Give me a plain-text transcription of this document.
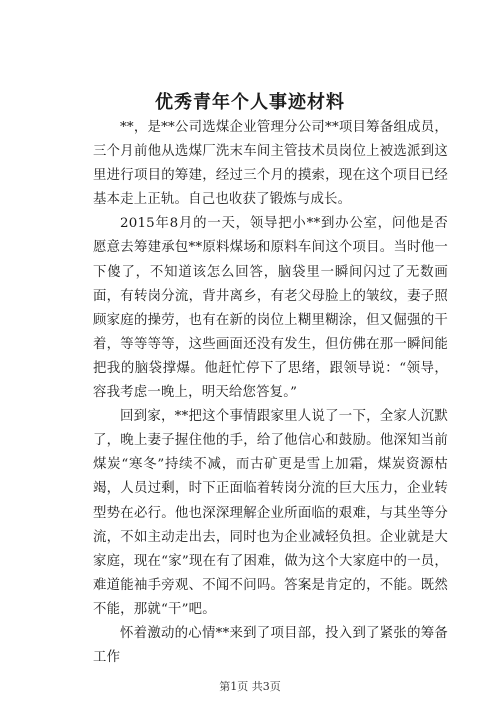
优秀青年个人事迹材料

**，是**公司选煤企业管理分公司**项目筹备组成员，三个月前他从选煤厂洗末车间主管技术员岗位上被选派到这里进行项目的筹建，经过三个月的摸索，现在这个项目已经基本走上正轨。自己也收获了锻炼与成长。

2015年8月的一天，领导把小**到办公室，问他是否愿意去筹建承包**原料煤场和原料车间这个项目。当时他一下傻了，不知道该怎么回答，脑袋里一瞬间闪过了无数画面，有转岗分流，背井离乡，有老父母脸上的皱纹，妻子照顾家庭的操劳，也有在新的岗位上糊里糊涂，但又倔强的干着，等等等等，这些画面还没有发生，但仿佛在那一瞬间能把我的脑袋撑爆。他赶忙停下了思绪，跟领导说：“领导，容我考虑一晚上，明天给您答复。”

回到家，**把这个事情跟家里人说了一下，全家人沉默了，晚上妻子握住他的手，给了他信心和鼓励。他深知当前煤炭“寒冬”持续不减，而古矿更是雪上加霜，煤炭资源枯竭，人员过剩，时下正面临着转岗分流的巨大压力，企业转型势在必行。他也深深理解企业所面临的艰难，与其坐等分流，不如主动走出去，同时也为企业减轻负担。企业就是大家庭，现在“家”现在有了困难，做为这个大家庭中的一员，难道能袖手旁观、不闻不问吗。答案是肯定的，不能。既然不能，那就“干”吧。

怀着激动的心情**来到了项目部，投入到了紧张的筹备工作

第1页 共3页
